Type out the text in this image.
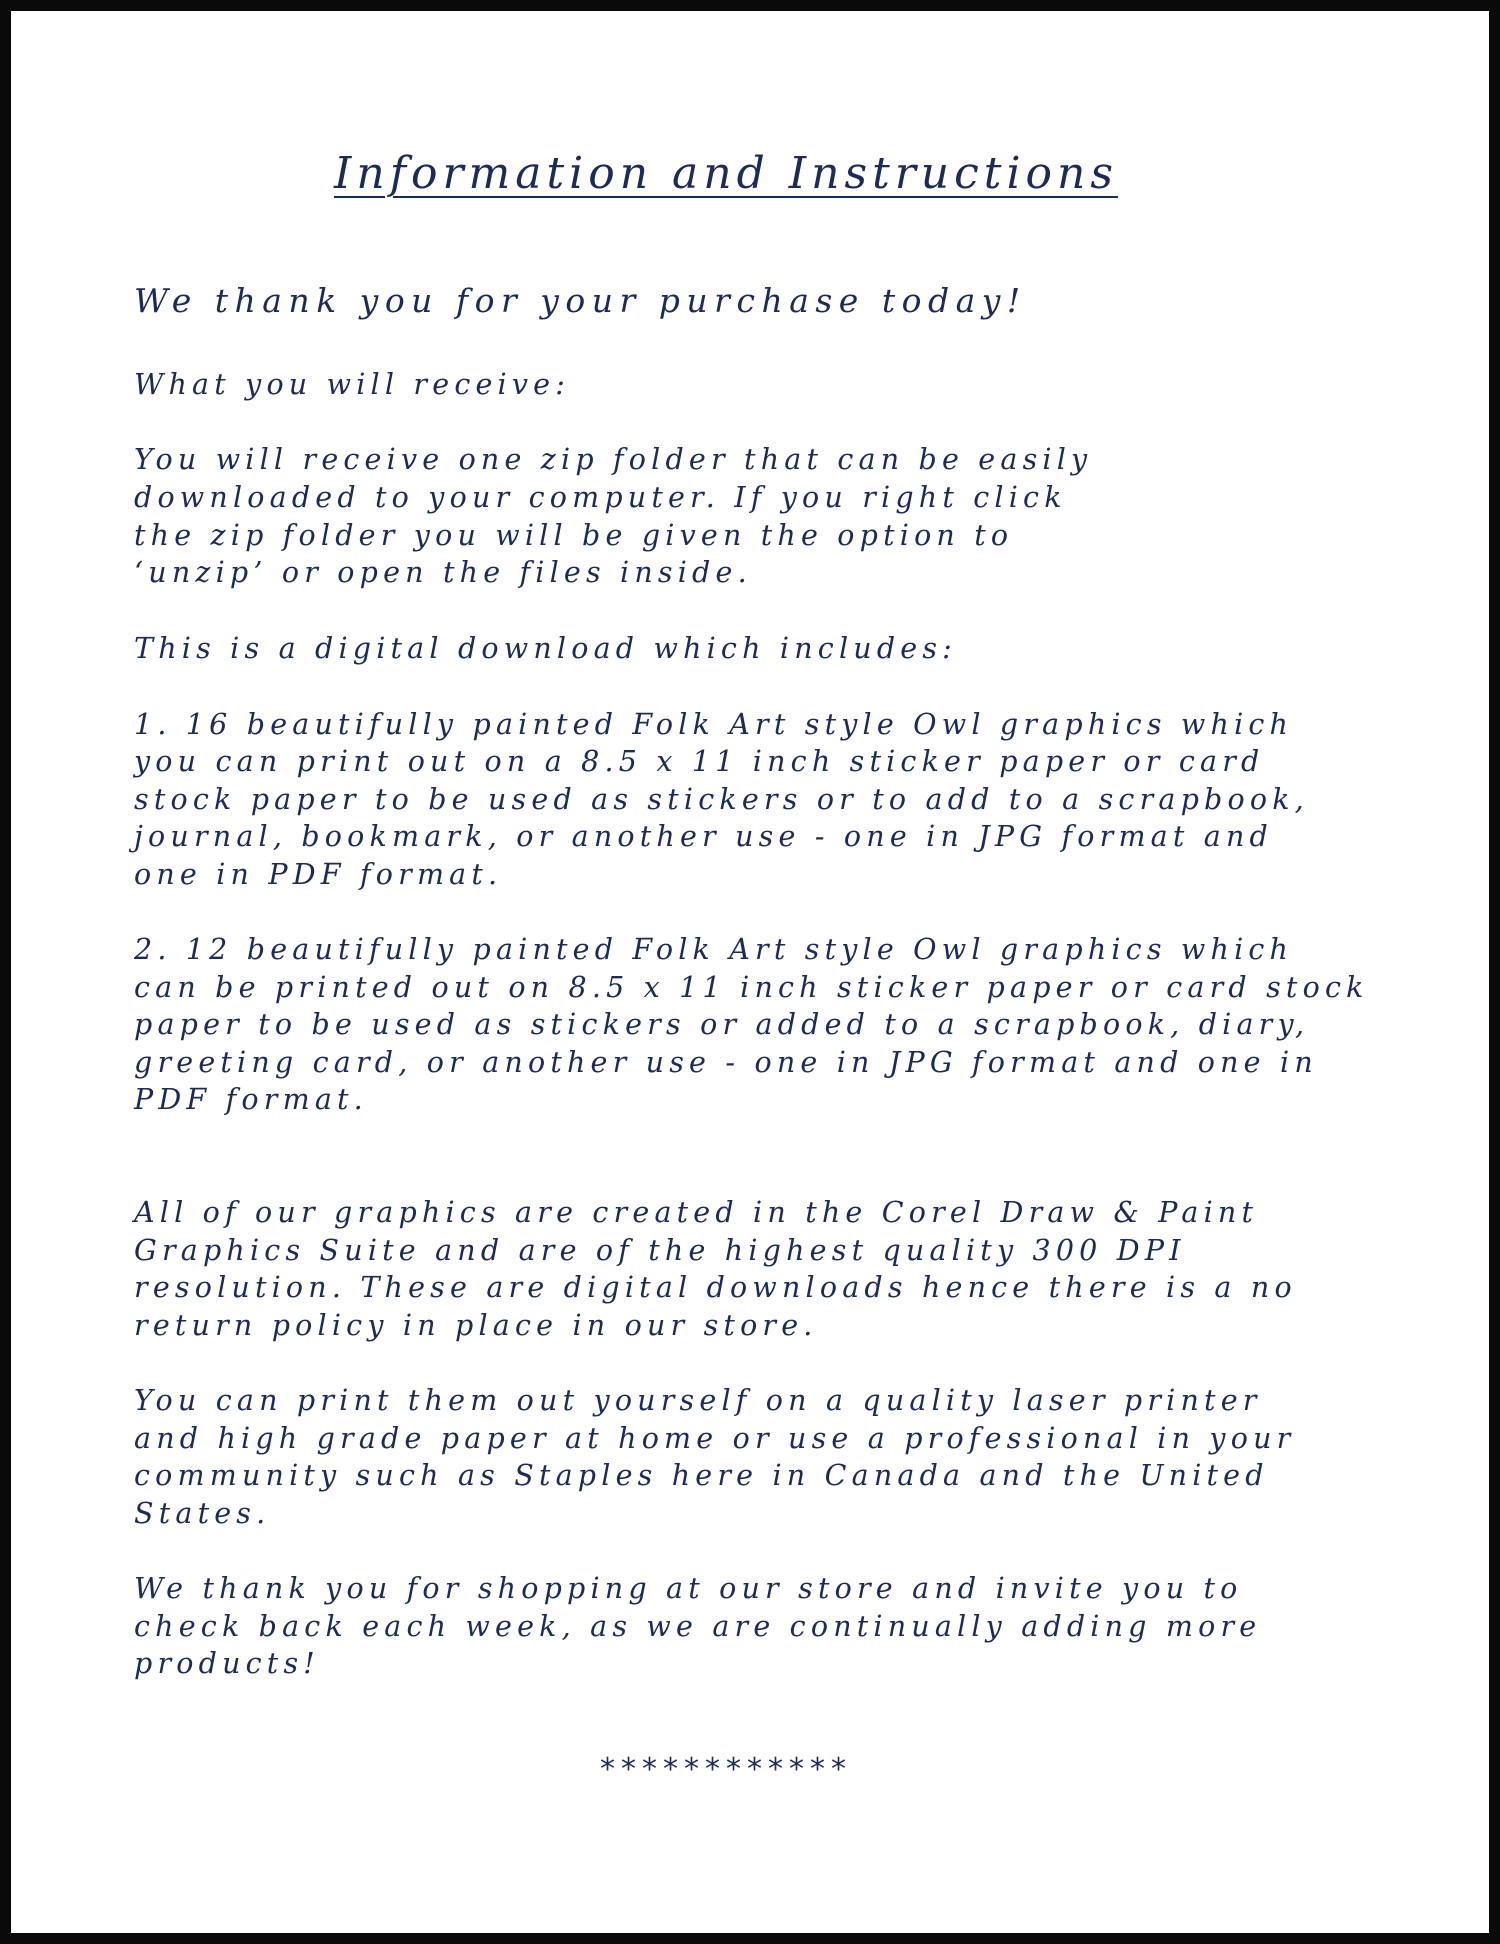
Information and Instructions
We thank you for your purchase today!
What you will receive:
You will receive one zip folder that can be easily
downloaded to your computer. If you right click
the zip folder you will be given the option to
‘unzip’ or open the files inside.
This is a digital download which includes:
1. 16 beautifully painted Folk Art style Owl graphics which
you can print out on a 8.5 x 11 inch sticker paper or card
stock paper to be used as stickers or to add to a scrapbook,
journal, bookmark, or another use - one in JPG format and
one in PDF format.
2. 12 beautifully painted Folk Art style Owl graphics which
can be printed out on 8.5 x 11 inch sticker paper or card stock
paper to be used as stickers or added to a scrapbook, diary,
greeting card, or another use - one in JPG format and one in
PDF format.
All of our graphics are created in the Corel Draw & Paint
Graphics Suite and are of the highest quality 300 DPI
resolution. These are digital downloads hence there is a no
return policy in place in our store.
You can print them out yourself on a quality laser printer
and high grade paper at home or use a professional in your
community such as Staples here in Canada and the United
States.
We thank you for shopping at our store and invite you to
check back each week, as we are continually adding more
products!
************
